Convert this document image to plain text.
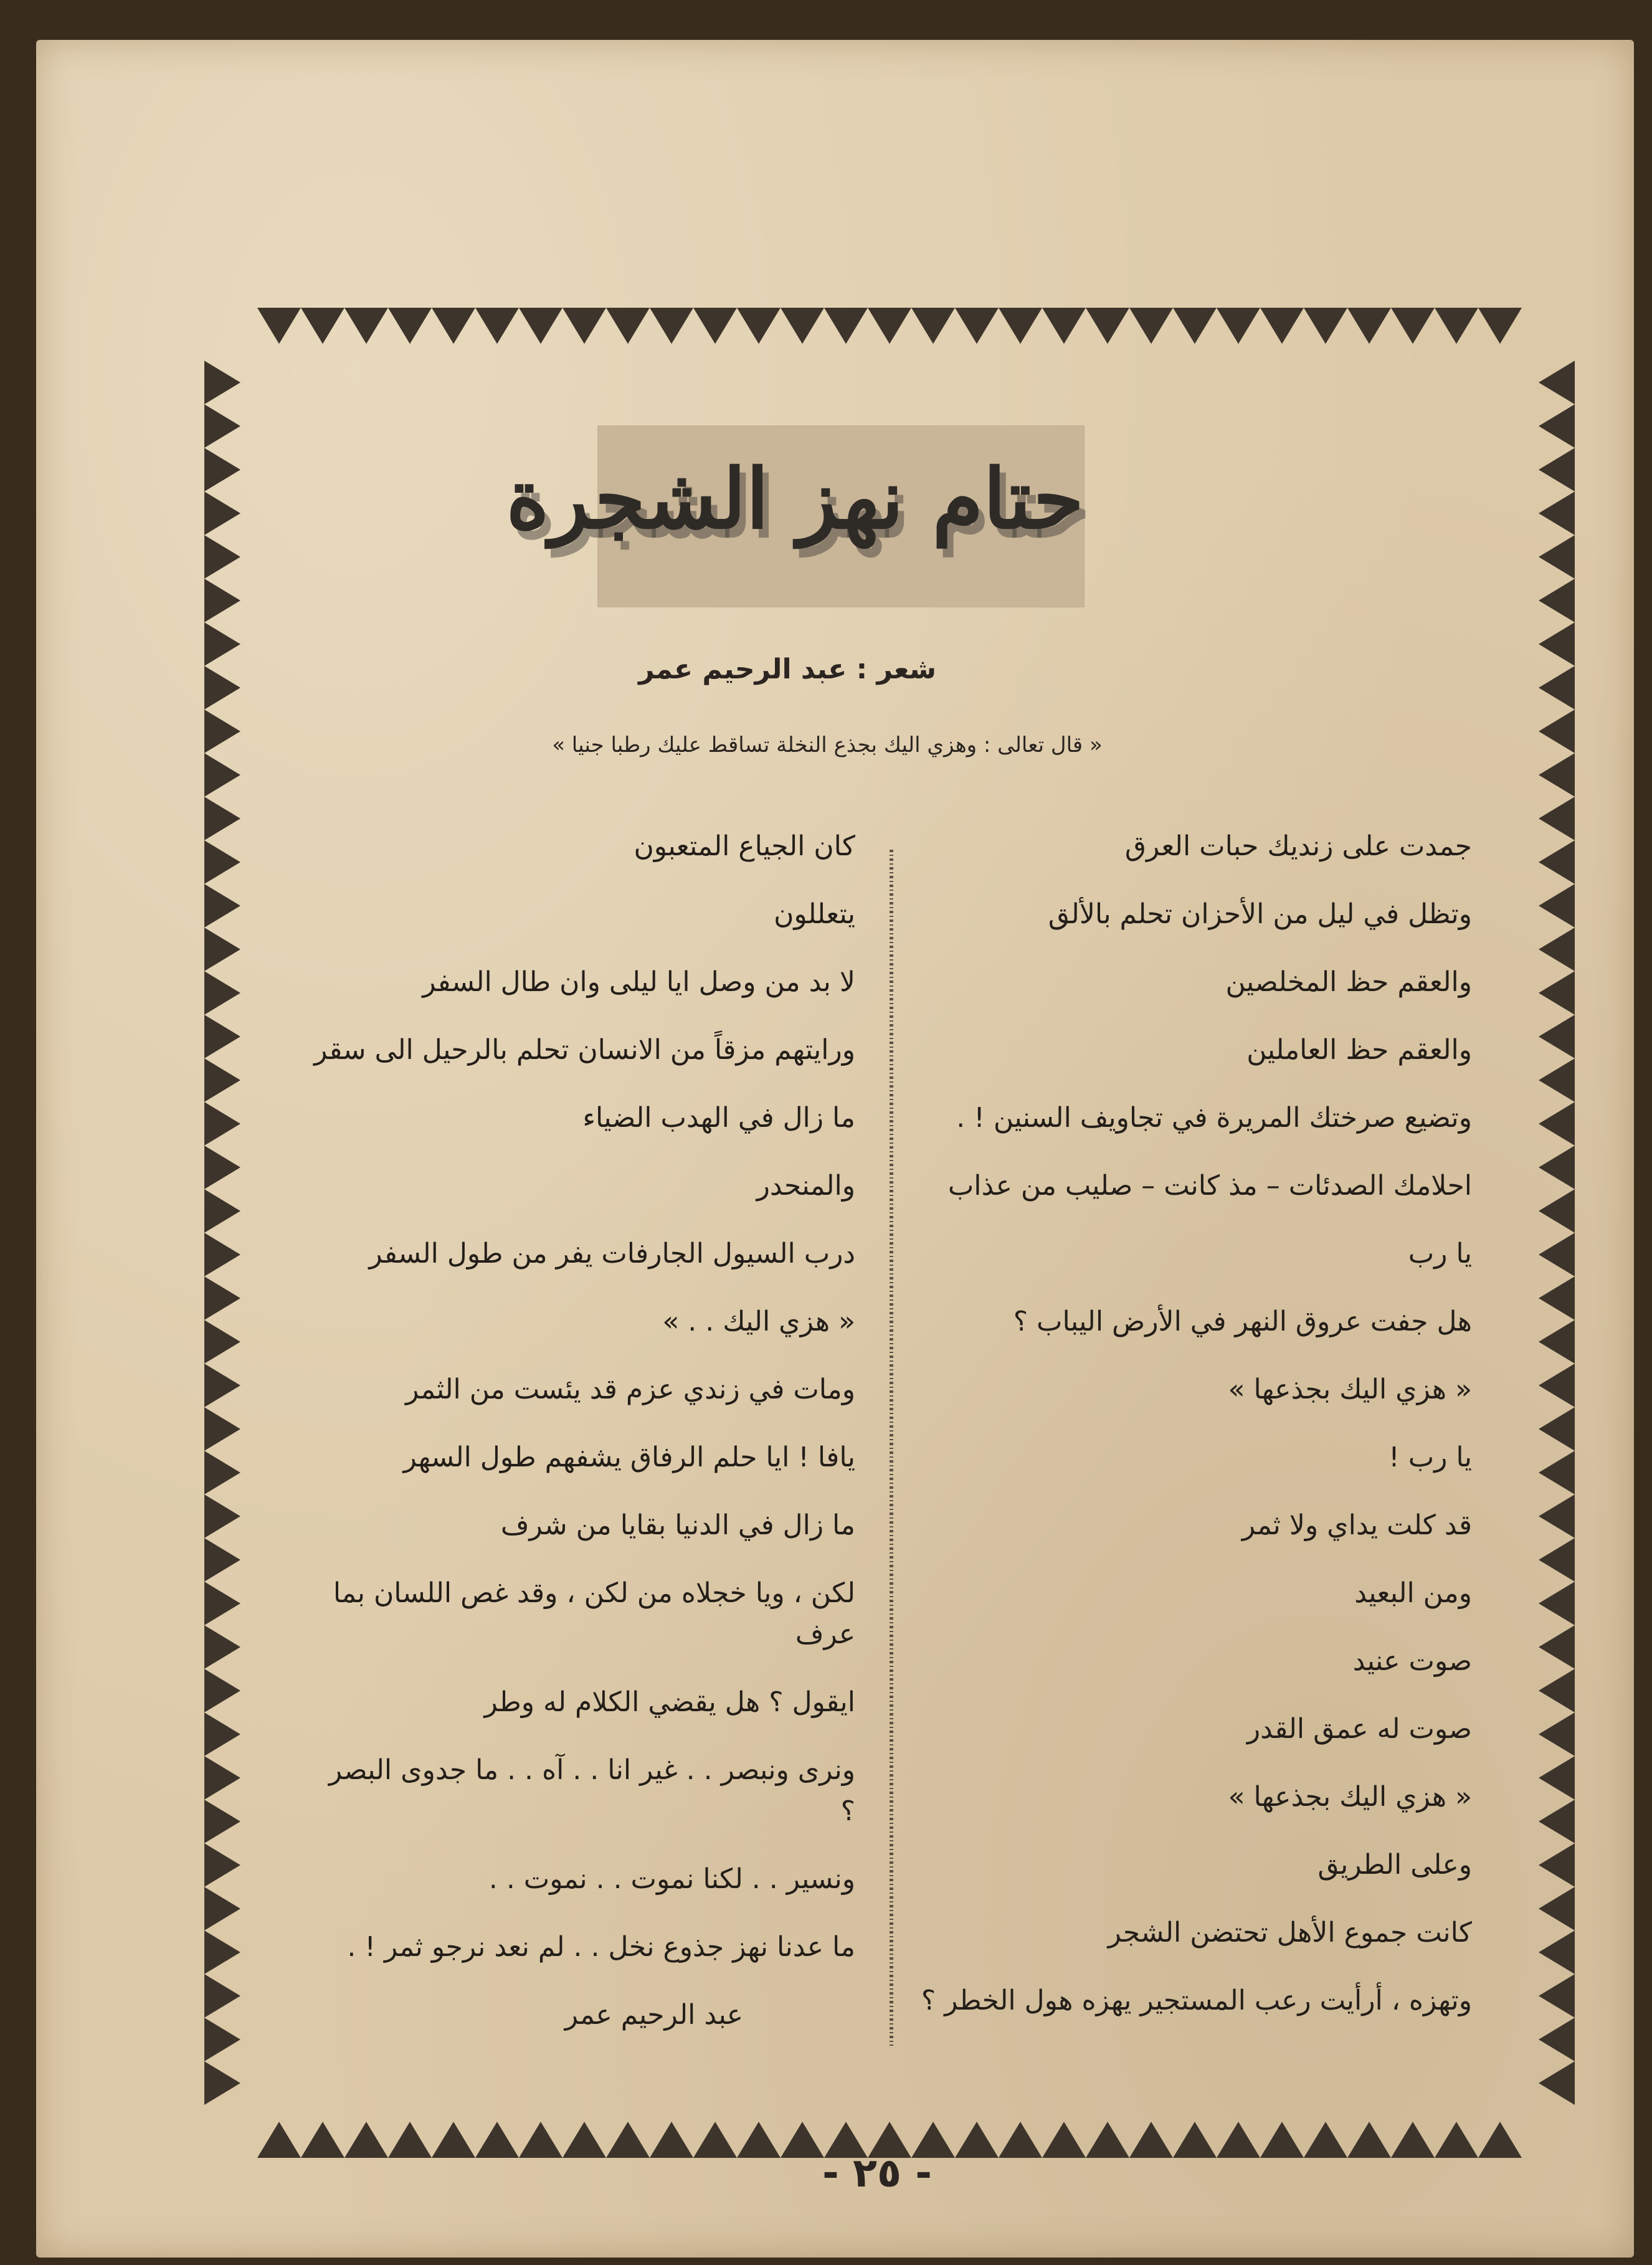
حتام نهز الشجرة
شعر : عبد الرحيم عمر
« قال تعالى : وهزي اليك بجذع النخلة تساقط عليك رطبا جنيا »
جمدت على زنديك حبات العرق
وتظل في ليل من الأحزان تحلم بالألق
والعقم حظ المخلصين
والعقم حظ العاملين
وتضيع صرختك المريرة في تجاويف السنين ! .
احلامك الصدئات – مذ كانت – صليب من عذاب
يا رب
هل جفت عروق النهر في الأرض اليباب ؟
« هزي اليك بجذعها »
يا رب !
قد كلت يداي ولا ثمر
ومن البعيد
صوت عنيد
صوت له عمق القدر
« هزي اليك بجذعها »
وعلى الطريق
كانت جموع الأهل تحتضن الشجر
وتهزه ، أرأيت رعب المستجير يهزه هول الخطر ؟
كان الجياع المتعبون
يتعللون
لا بد من وصل ايا ليلى وان طال السفر
ورايتهم مزقاً من الانسان تحلم بالرحيل الى سقر
ما زال في الهدب الضياء
والمنحدر
درب السيول الجارفات يفر من طول السفر
« هزي اليك . . »
ومات في زندي عزم قد يئست من الثمر
يافا ! ايا حلم الرفاق يشفهم طول السهر
ما زال في الدنيا بقايا من شرف
لكن ، ويا خجلاه من لكن ، وقد غص اللسان بما عرف
ايقول ؟ هل يقضي الكلام له وطر
ونرى ونبصر . . غير انا . . آه . . ما جدوى البصر ؟
ونسير . . لكنا نموت . . نموت . .
ما عدنا نهز جذوع نخل . . لم نعد نرجو ثمر ! .
عبد الرحيم عمر
- ٢٥ -
